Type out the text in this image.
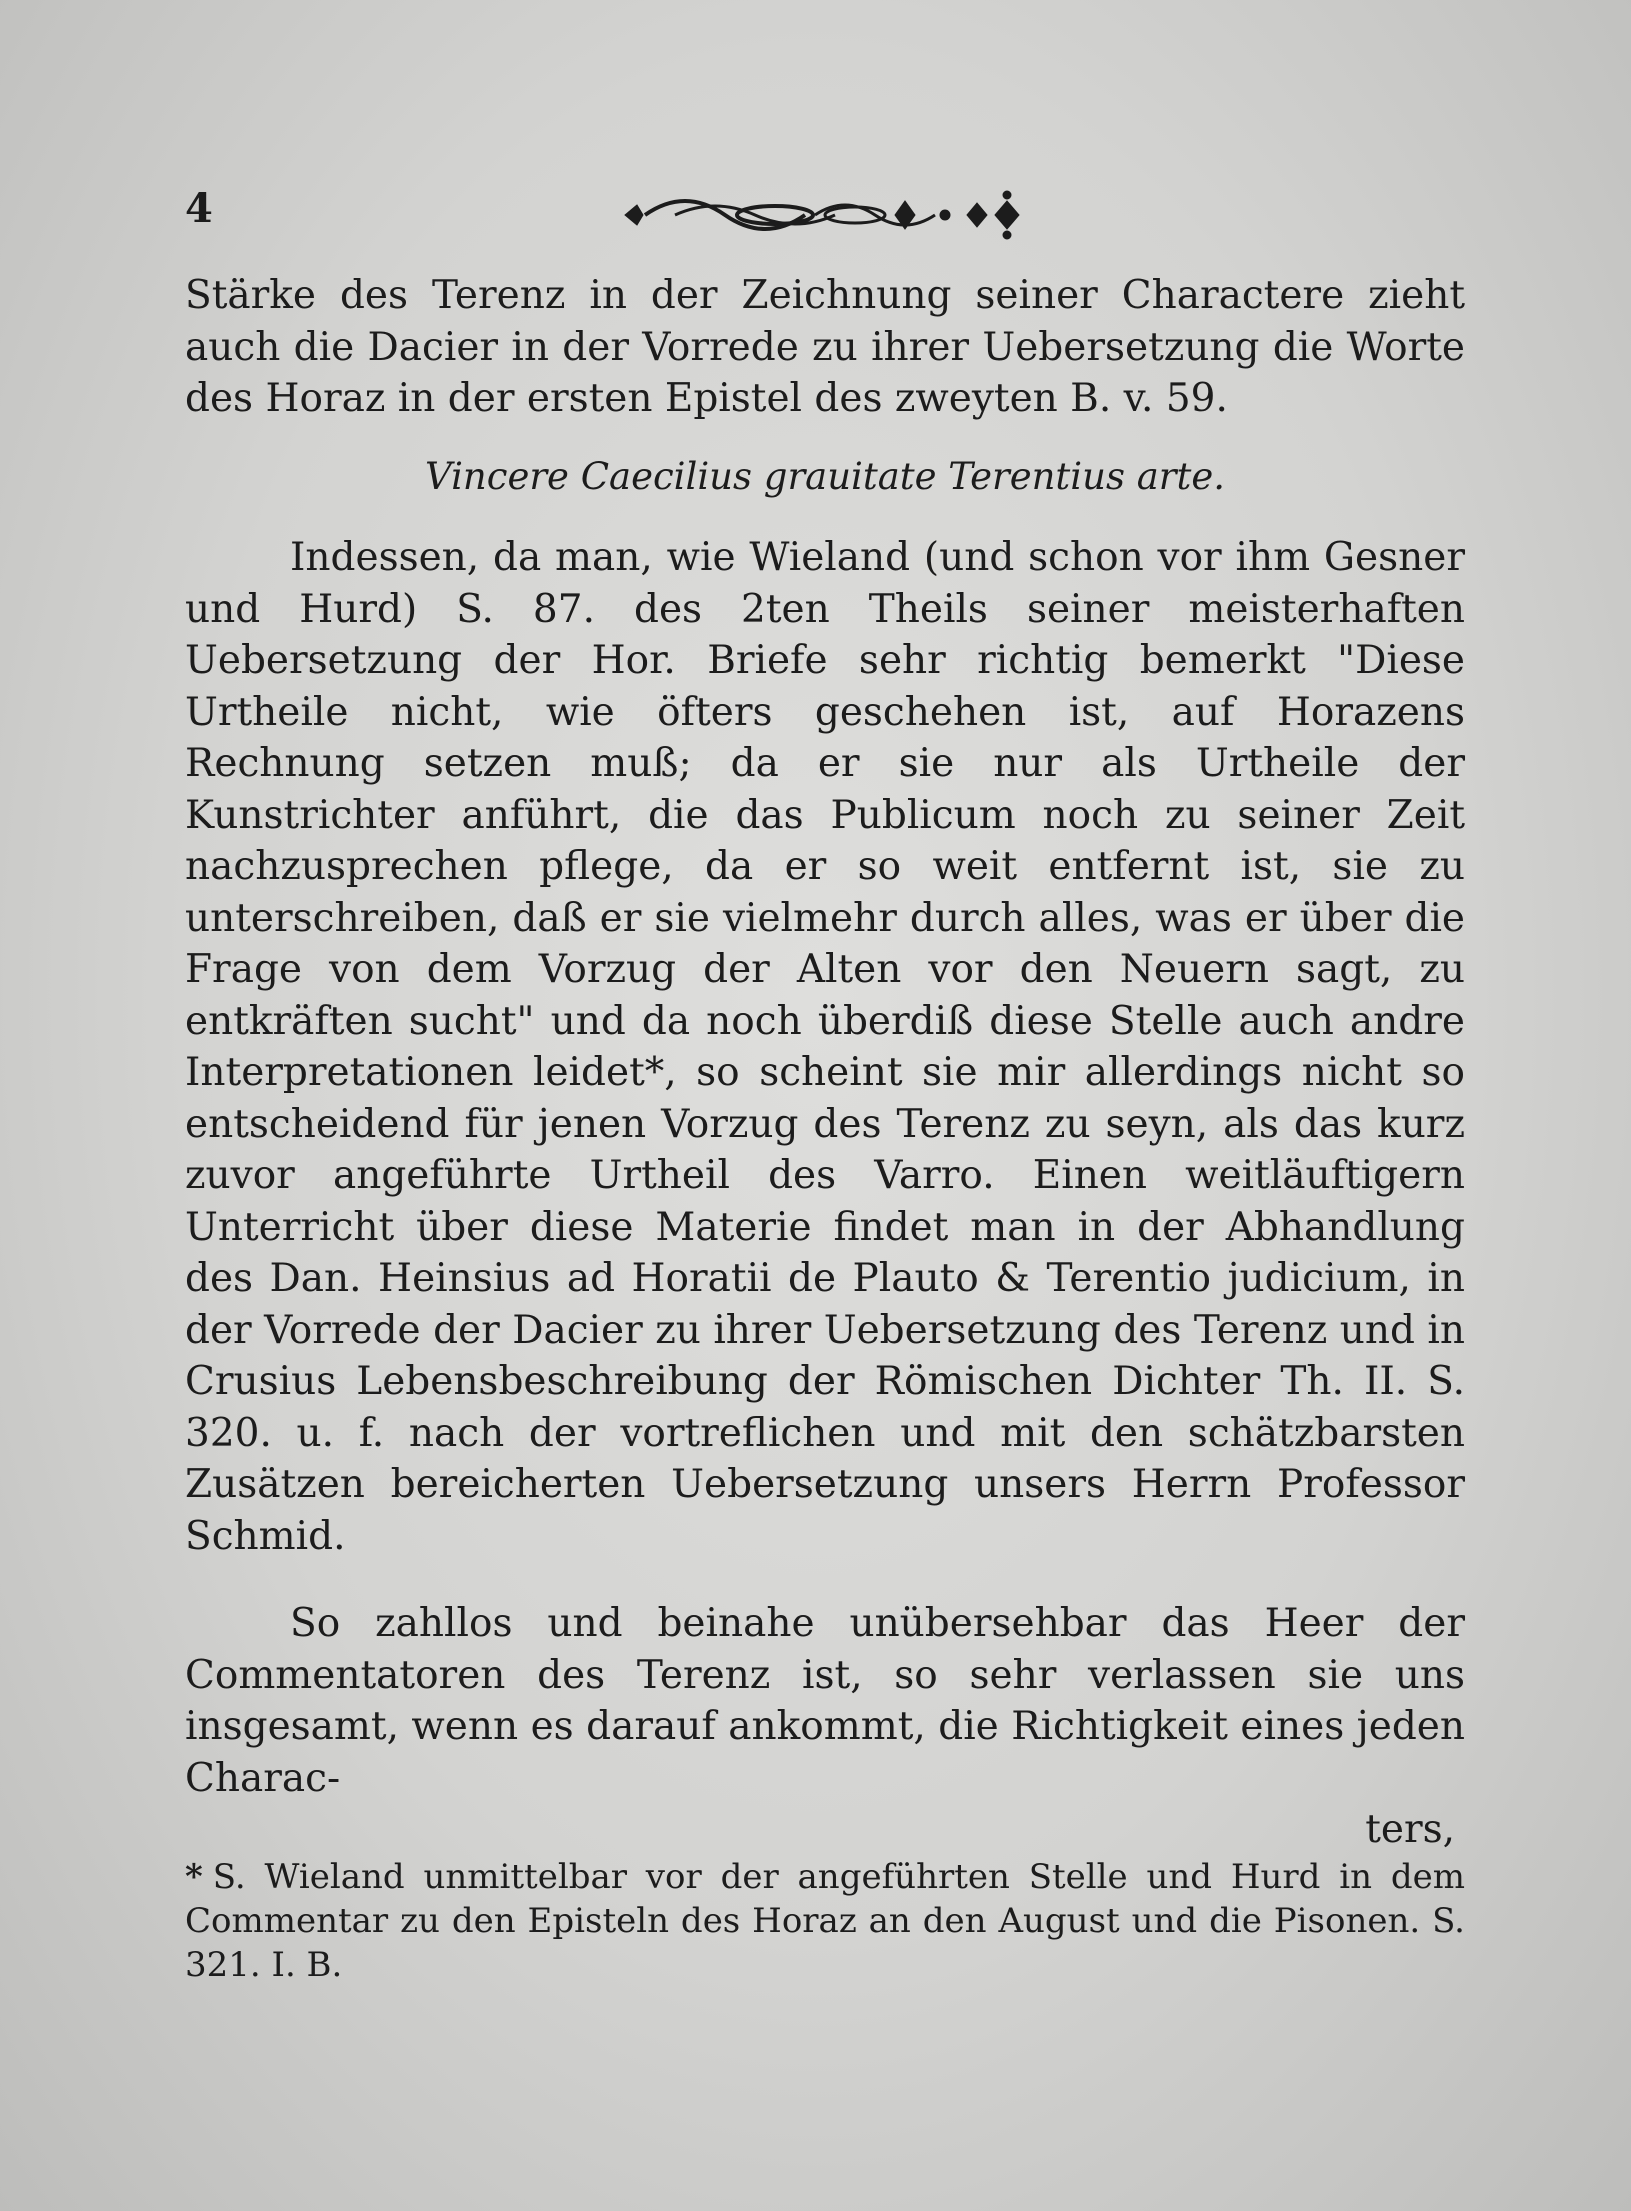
4

Stärke des Terenz in der Zeichnung seiner Charactere zieht auch die Dacier in der Vorrede zu ihrer Uebersetzung die Worte des Horaz in der ersten Epistel des zweyten B. v. 59.

Vincere Caecilius grauitate Terentius arte.

Indessen, da man, wie Wieland (und schon vor ihm Gesner und Hurd) S. 87. des 2ten Theils seiner meisterhaften Uebersetzung der Hor. Briefe sehr richtig bemerkt "Diese Urtheile nicht, wie öfters geschehen ist, auf Horazens Rechnung setzen muß; da er sie nur als Urtheile der Kunstrichter anführt, die das Publicum noch zu seiner Zeit nachzusprechen pflege, da er so weit entfernt ist, sie zu unterschreiben, daß er sie vielmehr durch alles, was er über die Frage von dem Vorzug der Alten vor den Neuern sagt, zu entkräften sucht" und da noch überdiß diese Stelle auch andre Interpretationen leidet*, so scheint sie mir allerdings nicht so entscheidend für jenen Vorzug des Terenz zu seyn, als das kurz zuvor angeführte Urtheil des Varro. Einen weitläuftigern Unterricht über diese Materie findet man in der Abhandlung des Dan. Heinsius ad Horatii de Plauto & Terentio judicium, in der Vorrede der Dacier zu ihrer Uebersetzung des Terenz und in Crusius Lebensbeschreibung der Römischen Dichter Th. II. S. 320. u. f. nach der vortreflichen und mit den schätzbarsten Zusätzen bereicherten Uebersetzung unsers Herrn Professor Schmid.

So zahllos und beinahe unübersehbar das Heer der Commentatoren des Terenz ist, so sehr verlassen sie uns insgesamt, wenn es darauf ankommt, die Richtigkeit eines jeden Charac-

ters,

* S. Wieland unmittelbar vor der angeführten Stelle und Hurd in dem Commentar zu den Episteln des Horaz an den August und die Pisonen. S. 321. I. B.
